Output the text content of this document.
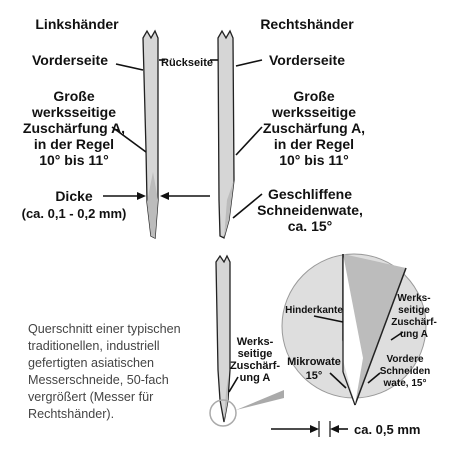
Linkshänder	Rechtshänder
Vorderseite	Rückseite	Vorderseite
Große
werksseitige
Zuschärfung A,
in der Regel
10° bis 11°
Große
werksseitige
Zuschärfung A,
in der Regel
10° bis 11°
Dicke
(ca. 0,1 - 0,2 mm)
Geschliffene
Schneidenwate,
ca. 15°
Werks-
seitige
Zuschärf-
ung A
Hinderkante
Mikrowate
15°
Werks-
seitige
Zuschärf-
ung A
Vordere
Schneiden
wate, 15°
ca. 0,5 mm

Querschnitt einer typischen traditionellen, industriell gefertigten asiatischen Messerschneide, 50-fach vergrößert (Messer für Rechtshänder).
